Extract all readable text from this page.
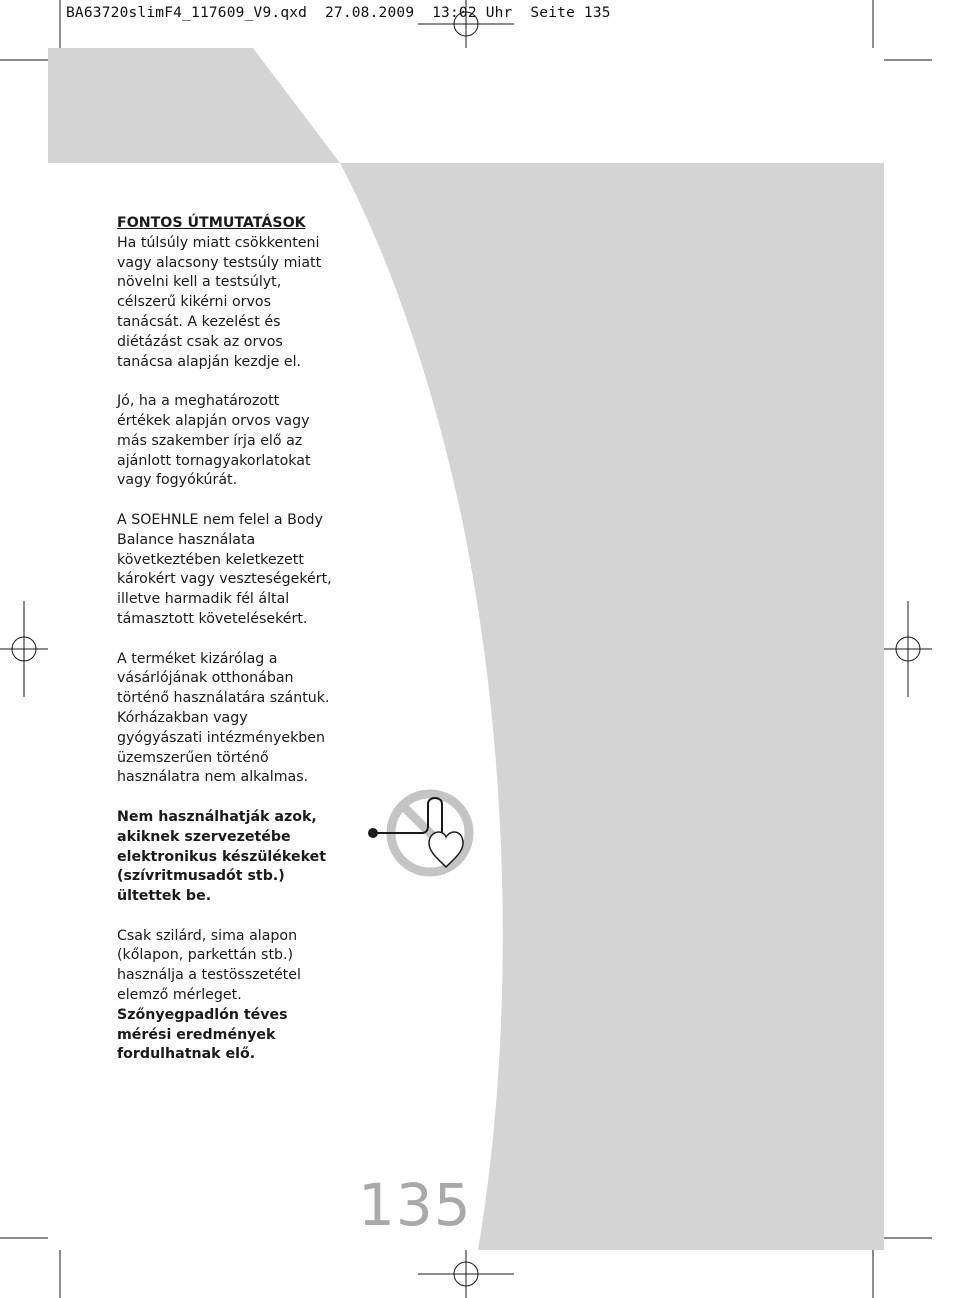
BA63720slimF4_117609_V9.qxd  27.08.2009  13:02 Uhr  Seite 135

FONTOS ÚTMUTATÁSOK
Ha túlsúly miatt csökkenteni vagy alacsony testsúly miatt növelni kell a testsúlyt, célszerű kikérni orvos tanácsát. A kezelést és diétázást csak az orvos tanácsa alapján kezdje el.

Jó, ha a meghatározott értékek alapján orvos vagy más szakember írja elő az ajánlott tornagyakorlatokat vagy fogyókúrát.

A SOEHNLE nem felel a Body Balance használata következtében keletkezett károkért vagy veszteségekért, illetve harmadik fél által támasztott követelésekért.

A terméket kizárólag a vásárlójának otthonában történő használatára szántuk. Kórházakban vagy gyógyászati intézményekben üzemszerűen történő használatra nem alkalmas.

Nem használhatják azok, akiknek szervezetébe elektronikus készülékeket (szívritmusadót stb.) ültettek be.

Csak szilárd, sima alapon (kőlapon, parkettán stb.) használja a testösszetétel elemző mérleget.

Szőnyegpadlón téves mérési eredmények fordulhatnak elő.

135
